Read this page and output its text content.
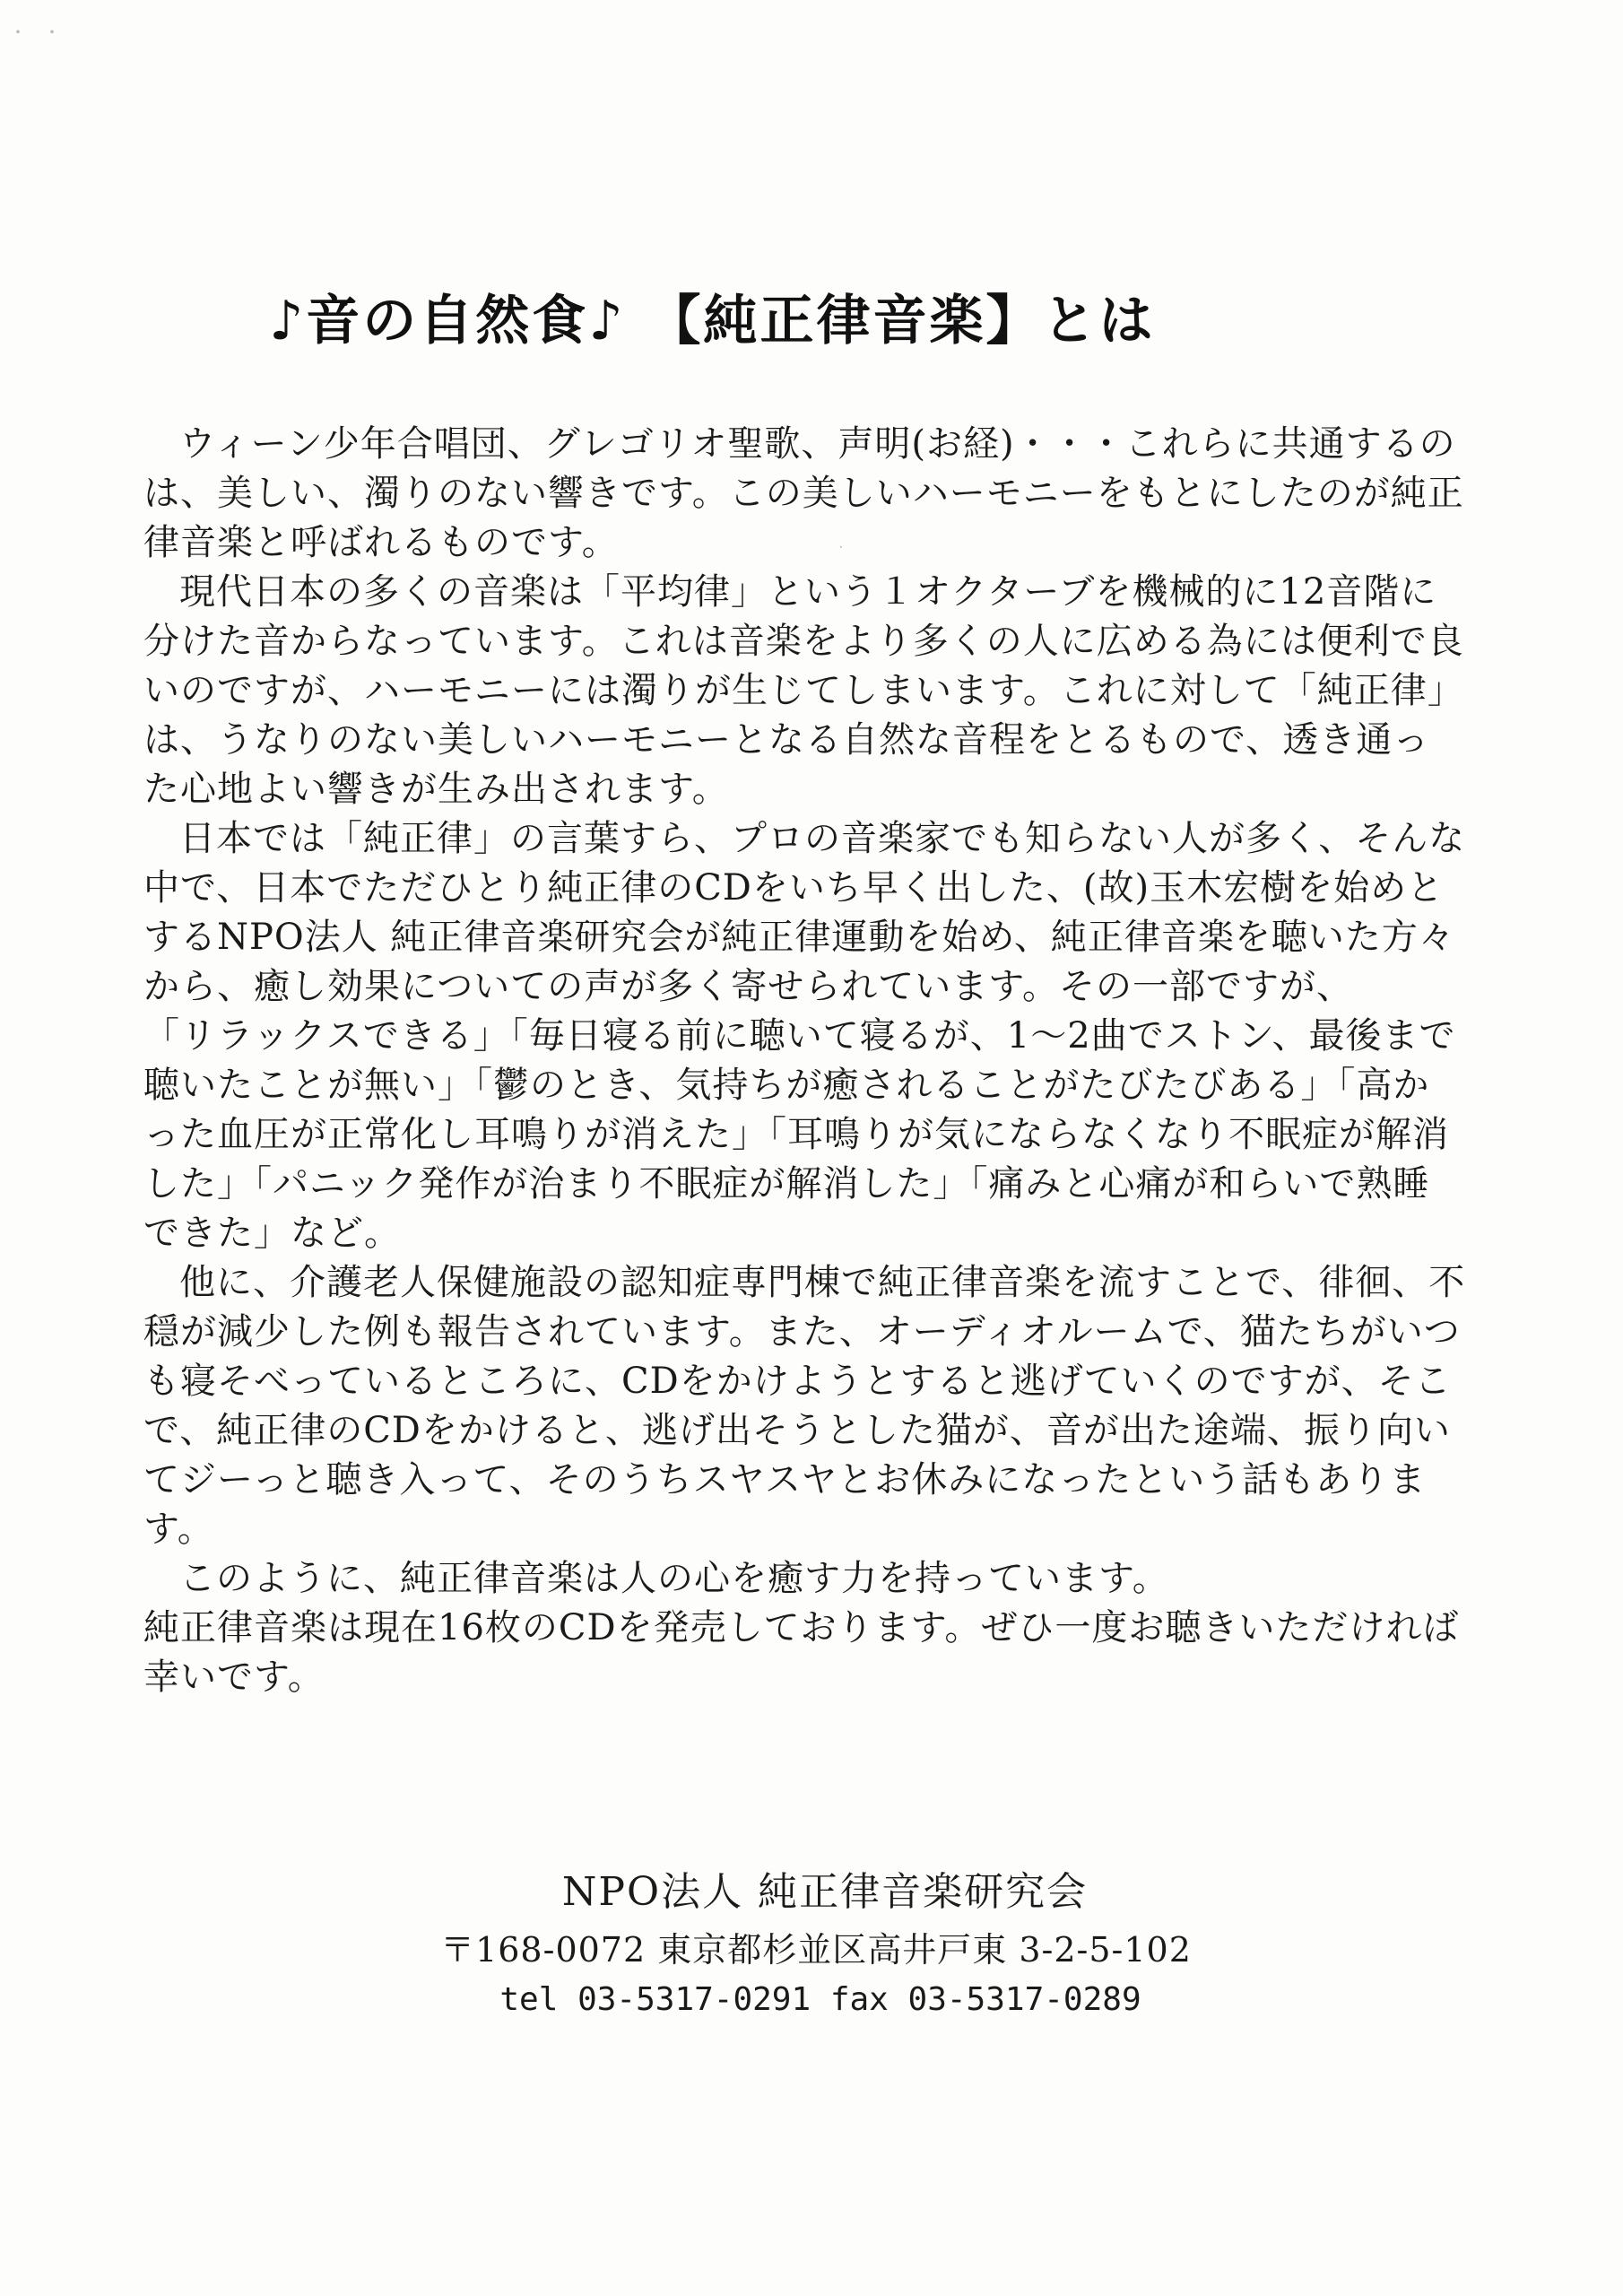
・・
·
♪音の自然食♪ 【純正律音楽】とは

ウィーン少年合唱団、グレゴリオ聖歌、声明(お経)・・・これらに共通するのは、美しい、濁りのない響きです。この美しいハーモニーをもとにしたのが純正律音楽と呼ばれるものです。

現代日本の多くの音楽は「平均律」という１オクターブを機械的に12音階に分けた音からなっています。これは音楽をより多くの人に広める為には便利で良いのですが、ハーモニーには濁りが生じてしまいます。これに対して「純正律」は、うなりのない美しいハーモニーとなる自然な音程をとるもので、透き通った心地よい響きが生み出されます。

日本では「純正律」の言葉すら、プロの音楽家でも知らない人が多く、そんな中で、日本でただひとり純正律のCDをいち早く出した、(故)玉木宏樹を始めとするNPO法人 純正律音楽研究会が純正律運動を始め、純正律音楽を聴いた方々から、癒し効果についての声が多く寄せられています。その一部ですが、

「リラックスできる」「毎日寝る前に聴いて寝るが、1～2曲でストン、最後まで聴いたことが無い」「鬱のとき、気持ちが癒されることがたびたびある」「高かった血圧が正常化し耳鳴りが消えた」「耳鳴りが気にならなくなり不眠症が解消した」「パニック発作が治まり不眠症が解消した」「痛みと心痛が和らいで熟睡できた」など。

他に、介護老人保健施設の認知症専門棟で純正律音楽を流すことで、徘徊、不穏が減少した例も報告されています。また、オーディオルームで、猫たちがいつも寝そべっているところに、CDをかけようとすると逃げていくのですが、そこで、純正律のCDをかけると、逃げ出そうとした猫が、音が出た途端、振り向いてジーっと聴き入って、そのうちスヤスヤとお休みになったという話もあります。

このように、純正律音楽は人の心を癒す力を持っています。

純正律音楽は現在16枚のCDを発売しております。ぜひ一度お聴きいただければ幸いです。

NPO法人 純正律音楽研究会

〒168-0072 東京都杉並区高井戸東 3-2-5-102

tel 03-5317-0291 fax 03-5317-0289
